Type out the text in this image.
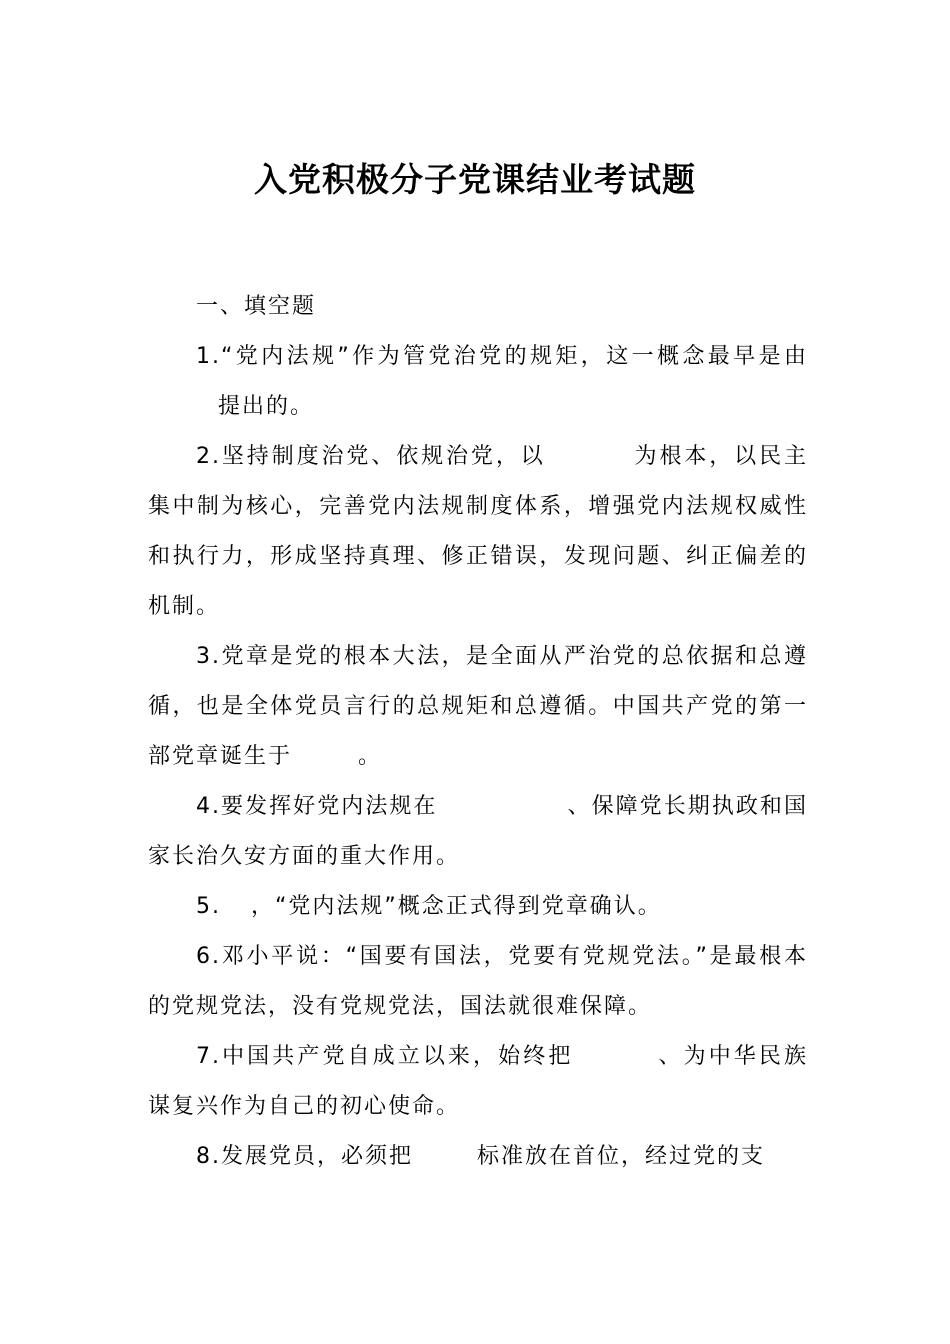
入党积极分子党课结业考试题

一、填空题

1.“党内法规”作为管党治党的规矩，这一概念最早是由提出的。

2.坚持制度治党、依规治党，以	为根本，以民主集中制为核心，完善党内法规制度体系，增强党内法规权威性和执行力，形成坚持真理、修正错误，发现问题、纠正偏差的机制。

3.党章是党的根本大法，是全面从严治党的总依据和总遵循，也是全体党员言行的总规矩和总遵循。中国共产党的第一部党章诞生于	。

4.要发挥好党内法规在	、保障党长期执政和国家长治久安方面的重大作用。

5. ，“党内法规”概念正式得到党章确认。

6.邓小平说：“国要有国法，党要有党规党法。”是最根本的党规党法，没有党规党法，国法就很难保障。

7.中国共产党自成立以来，始终把	、为中华民族谋复兴作为自己的初心使命。

8.发展党员，必须把	标准放在首位，经过党的支
